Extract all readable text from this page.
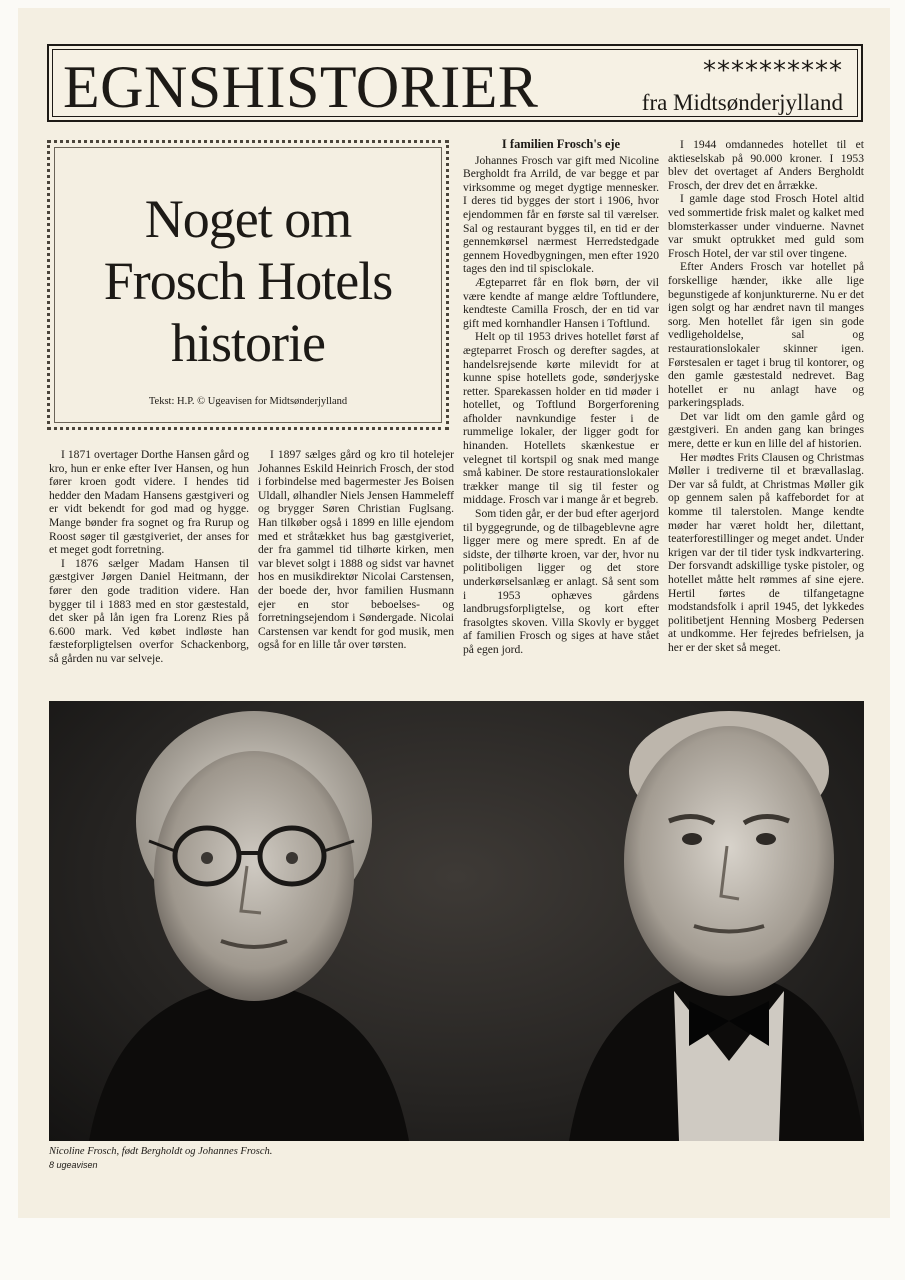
EGNSHISTORIER	**********
fra Midtsønderjylland
Noget om
Frosch Hotels
historie
Tekst: H.P. © Ugeavisen for Midtsønderjylland

I 1871 overtager Dorthe Hansen gård og kro, hun er enke efter Iver Hansen, og hun fører kroen godt videre. I hendes tid hedder den Madam Hansens gæstgiveri og er vidt bekendt for god mad og hygge. Mange bønder fra sognet og fra Rurup og Roost søger til gæstgiveriet, der anses for et meget godt forretning.

I 1876 sælger Madam Hansen til gæstgiver Jørgen Daniel Heitmann, der fører den gode tradition videre. Han bygger til i 1883 med en stor gæstestald, det sker på lån igen fra Lorenz Ries på 6.600 mark. Ved købet indløste han fæsteforpligtelsen overfor Schackenborg, så gården nu var selveje.

I 1897 sælges gård og kro til hotelejer Johannes Eskild Heinrich Frosch, der stod i forbindelse med bagermester Jes Boisen Uldall, ølhandler Niels Jensen Hammeleff og brygger Søren Christian Fuglsang. Han tilkøber også i 1899 en lille ejendom med et stråtækket hus bag gæstgiveriet, der fra gammel tid tilhørte kirken, men var blevet solgt i 1888 og sidst var havnet hos en musikdirektør Nicolai Carstensen, der boede der, hvor familien Husmann ejer en stor beboelses- og forretningsejendom i Søndergade. Nicolai Carstensen var kendt for god musik, men også for en lille tår over tørsten.

I familien Frosch's eje

Johannes Frosch var gift med Nicoline Bergholdt fra Arrild, de var begge et par virksomme og meget dygtige mennesker. I deres tid bygges der stort i 1906, hvor ejendommen får en første sal til værelser. Sal og restaurant bygges til, en tid er der gennemkørsel nærmest Herredstedgade gennem Hovedbygningen, men efter 1920 tages den ind til spisclokale.

Ægteparret får en flok børn, der vil være kendte af mange ældre Toftlundere, kendteste Camilla Frosch, der en tid var gift med kornhandler Hansen i Toftlund.

Helt op til 1953 drives hotellet først af ægteparret Frosch og derefter sagdes, at handelsrejsende kørte milevidt for at kunne spise hotellets gode, sønderjyske retter. Sparekassen holder en tid møder i hotellet, og Toftlund Borgerforening afholder navnkundige fester i de rummelige lokaler, der ligger godt for hinanden. Hotellets skænkestue er velegnet til kortspil og snak med mange små kabiner. De store restaurationslokaler trækker mange til sig til fester og middage. Frosch var i mange år et begreb.

Som tiden går, er der bud efter agerjord til byggegrunde, og de tilbageblevne agre ligger mere og mere spredt. En af de sidste, der tilhørte kroen, var der, hvor nu politiboligen ligger og det store underkørselsanlæg er anlagt. Så sent som i 1953 ophæves gårdens landbrugsforpligtelse, og kort efter frasolgtes skoven. Villa Skovly er bygget af familien Frosch og siges at have stået på egen jord.

I 1944 omdannedes hotellet til et aktieselskab på 90.000 kroner. I 1953 blev det overtaget af Anders Bergholdt Frosch, der drev det en årrække.

I gamle dage stod Frosch Hotel altid ved sommertide frisk malet og kalket med blomsterkasser under vinduerne. Navnet var smukt optrukket med guld som Frosch Hotel, der var stil over tingene.

Efter Anders Frosch var hotellet på forskellige hænder, ikke alle lige begunstigede af konjunkturerne. Nu er det igen solgt og har ændret navn til manges sorg. Men hotellet får igen sin gode vedligeholdelse, sal og restaurationslokaler skinner igen. Førstesalen er taget i brug til kontorer, og den gamle gæstestald nedrevet. Bag hotellet er nu anlagt have og parkeringsplads.

Det var lidt om den gamle gård og gæstgiveri. En anden gang kan bringes mere, dette er kun en lille del af historien.

Her mødtes Frits Clausen og Christmas Møller i trediverne til et brævallaslag. Der var så fuldt, at Christmas Møller gik op gennem salen på kaffebordet for at komme til talerstolen. Mange kendte møder har været holdt her, dilettant, teaterforestillinger og meget andet. Under krigen var der til tider tysk indkvartering. Der forsvandt adskillige tyske pistoler, og hotellet måtte helt rømmes af sine ejere. Hertil førtes de tilfangetagne modstandsfolk i april 1945, det lykkedes politibetjent Henning Mosberg Pedersen at undkomme. Her fejredes befrielsen, ja her er der sket så meget.

Nicoline Frosch, født Bergholdt og Johannes Frosch.
8 ugeavisen
